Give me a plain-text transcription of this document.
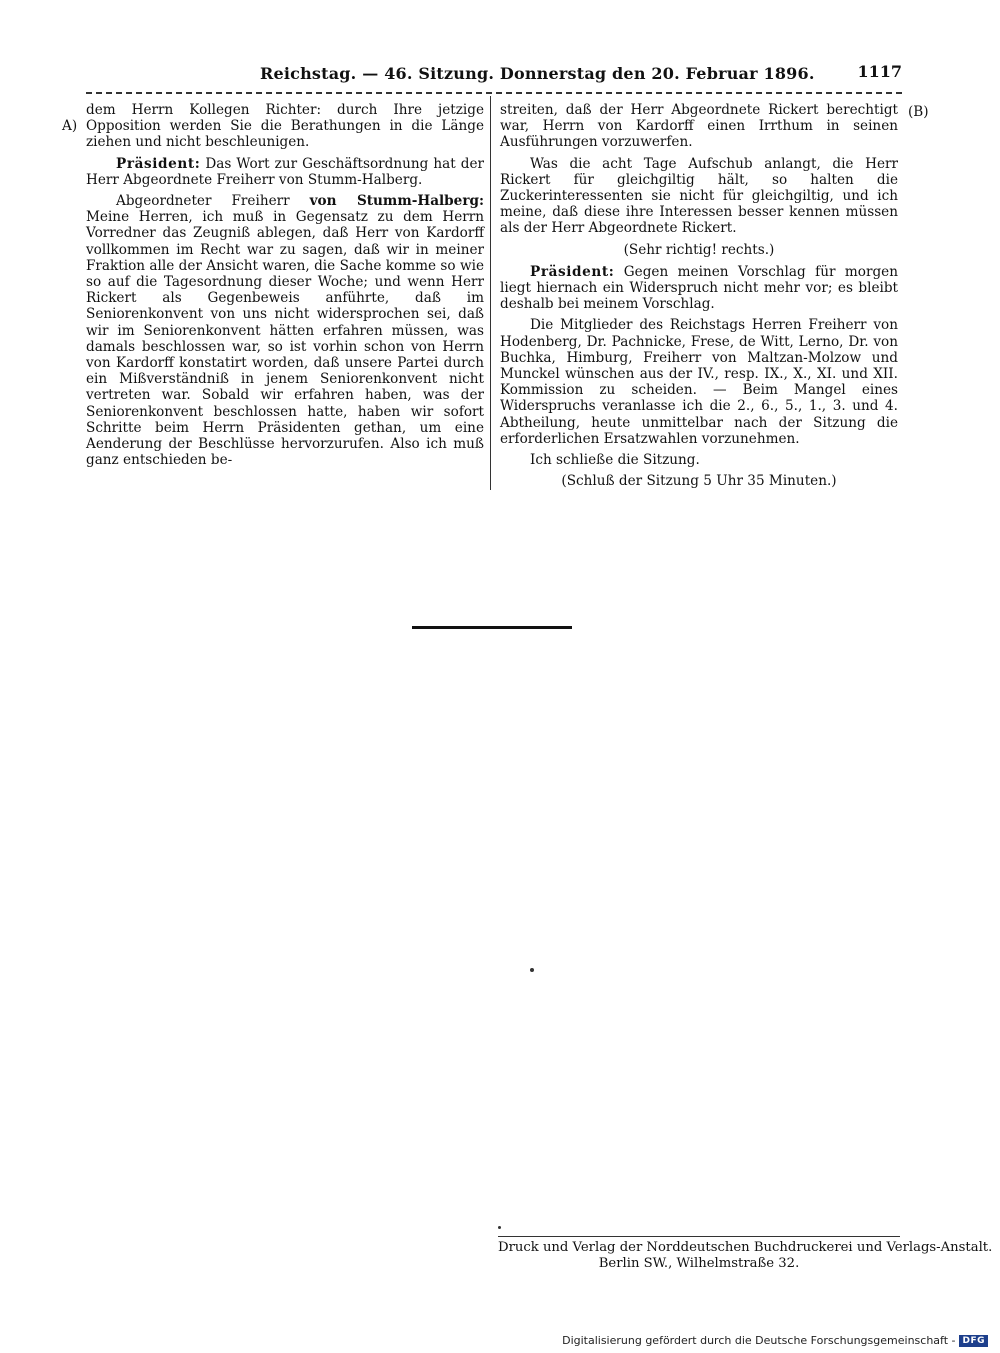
Reichstag. — 46. Sitzung. Donnerstag den 20. Februar 1896.	1117
A)
(B)

dem Herrn Kollegen Richter: durch Ihre jetzige Opposition werden Sie die Berathungen in die Länge ziehen und nicht beschleunigen.

Präsident: Das Wort zur Geschäftsordnung hat der Herr Abgeordnete Freiherr von Stumm-Halberg.

Abgeordneter Freiherr von Stumm-Halberg: Meine Herren, ich muß in Gegensatz zu dem Herrn Vorredner das Zeugniß ablegen, daß Herr von Kardorff vollkommen im Recht war zu sagen, daß wir in meiner Fraktion alle der Ansicht waren, die Sache komme so wie so auf die Tagesordnung dieser Woche; und wenn Herr Rickert als Gegenbeweis anführte, daß im Seniorenkonvent von uns nicht widersprochen sei, daß wir im Seniorenkonvent hätten erfahren müssen, was damals beschlossen war, so ist vorhin schon von Herrn von Kardorff konstatirt worden, daß unsere Partei durch ein Mißverständniß in jenem Seniorenkonvent nicht vertreten war. Sobald wir erfahren haben, was der Seniorenkonvent beschlossen hatte, haben wir sofort Schritte beim Herrn Präsidenten gethan, um eine Aenderung der Beschlüsse hervorzurufen. Also ich muß ganz entschieden be-

streiten, daß der Herr Abgeordnete Rickert berechtigt war, Herrn von Kardorff einen Irrthum in seinen Ausführungen vorzuwerfen.

Was die acht Tage Aufschub anlangt, die Herr Rickert für gleichgiltig hält, so halten die Zuckerinteressenten sie nicht für gleichgiltig, und ich meine, daß diese ihre Interessen besser kennen müssen als der Herr Abgeordnete Rickert.

(Sehr richtig! rechts.)

Präsident: Gegen meinen Vorschlag für morgen liegt hiernach ein Widerspruch nicht mehr vor; es bleibt deshalb bei meinem Vorschlag.

Die Mitglieder des Reichstags Herren Freiherr von Hodenberg, Dr. Pachnicke, Frese, de Witt, Lerno, Dr. von Buchka, Himburg, Freiherr von Maltzan-Molzow und Munckel wünschen aus der IV., resp. IX., X., XI. und XII. Kommission zu scheiden. — Beim Mangel eines Widerspruchs veranlasse ich die 2., 6., 5., 1., 3. und 4. Abtheilung, heute unmittelbar nach der Sitzung die erforderlichen Ersatzwahlen vorzunehmen.

Ich schließe die Sitzung.

(Schluß der Sitzung 5 Uhr 35 Minuten.)

Druck und Verlag der Norddeutschen Buchdruckerei und Verlags-Anstalt.
Berlin SW., Wilhelmstraße 32.
Digitalisierung gefördert durch die Deutsche Forschungsgemeinschaft - DFG
